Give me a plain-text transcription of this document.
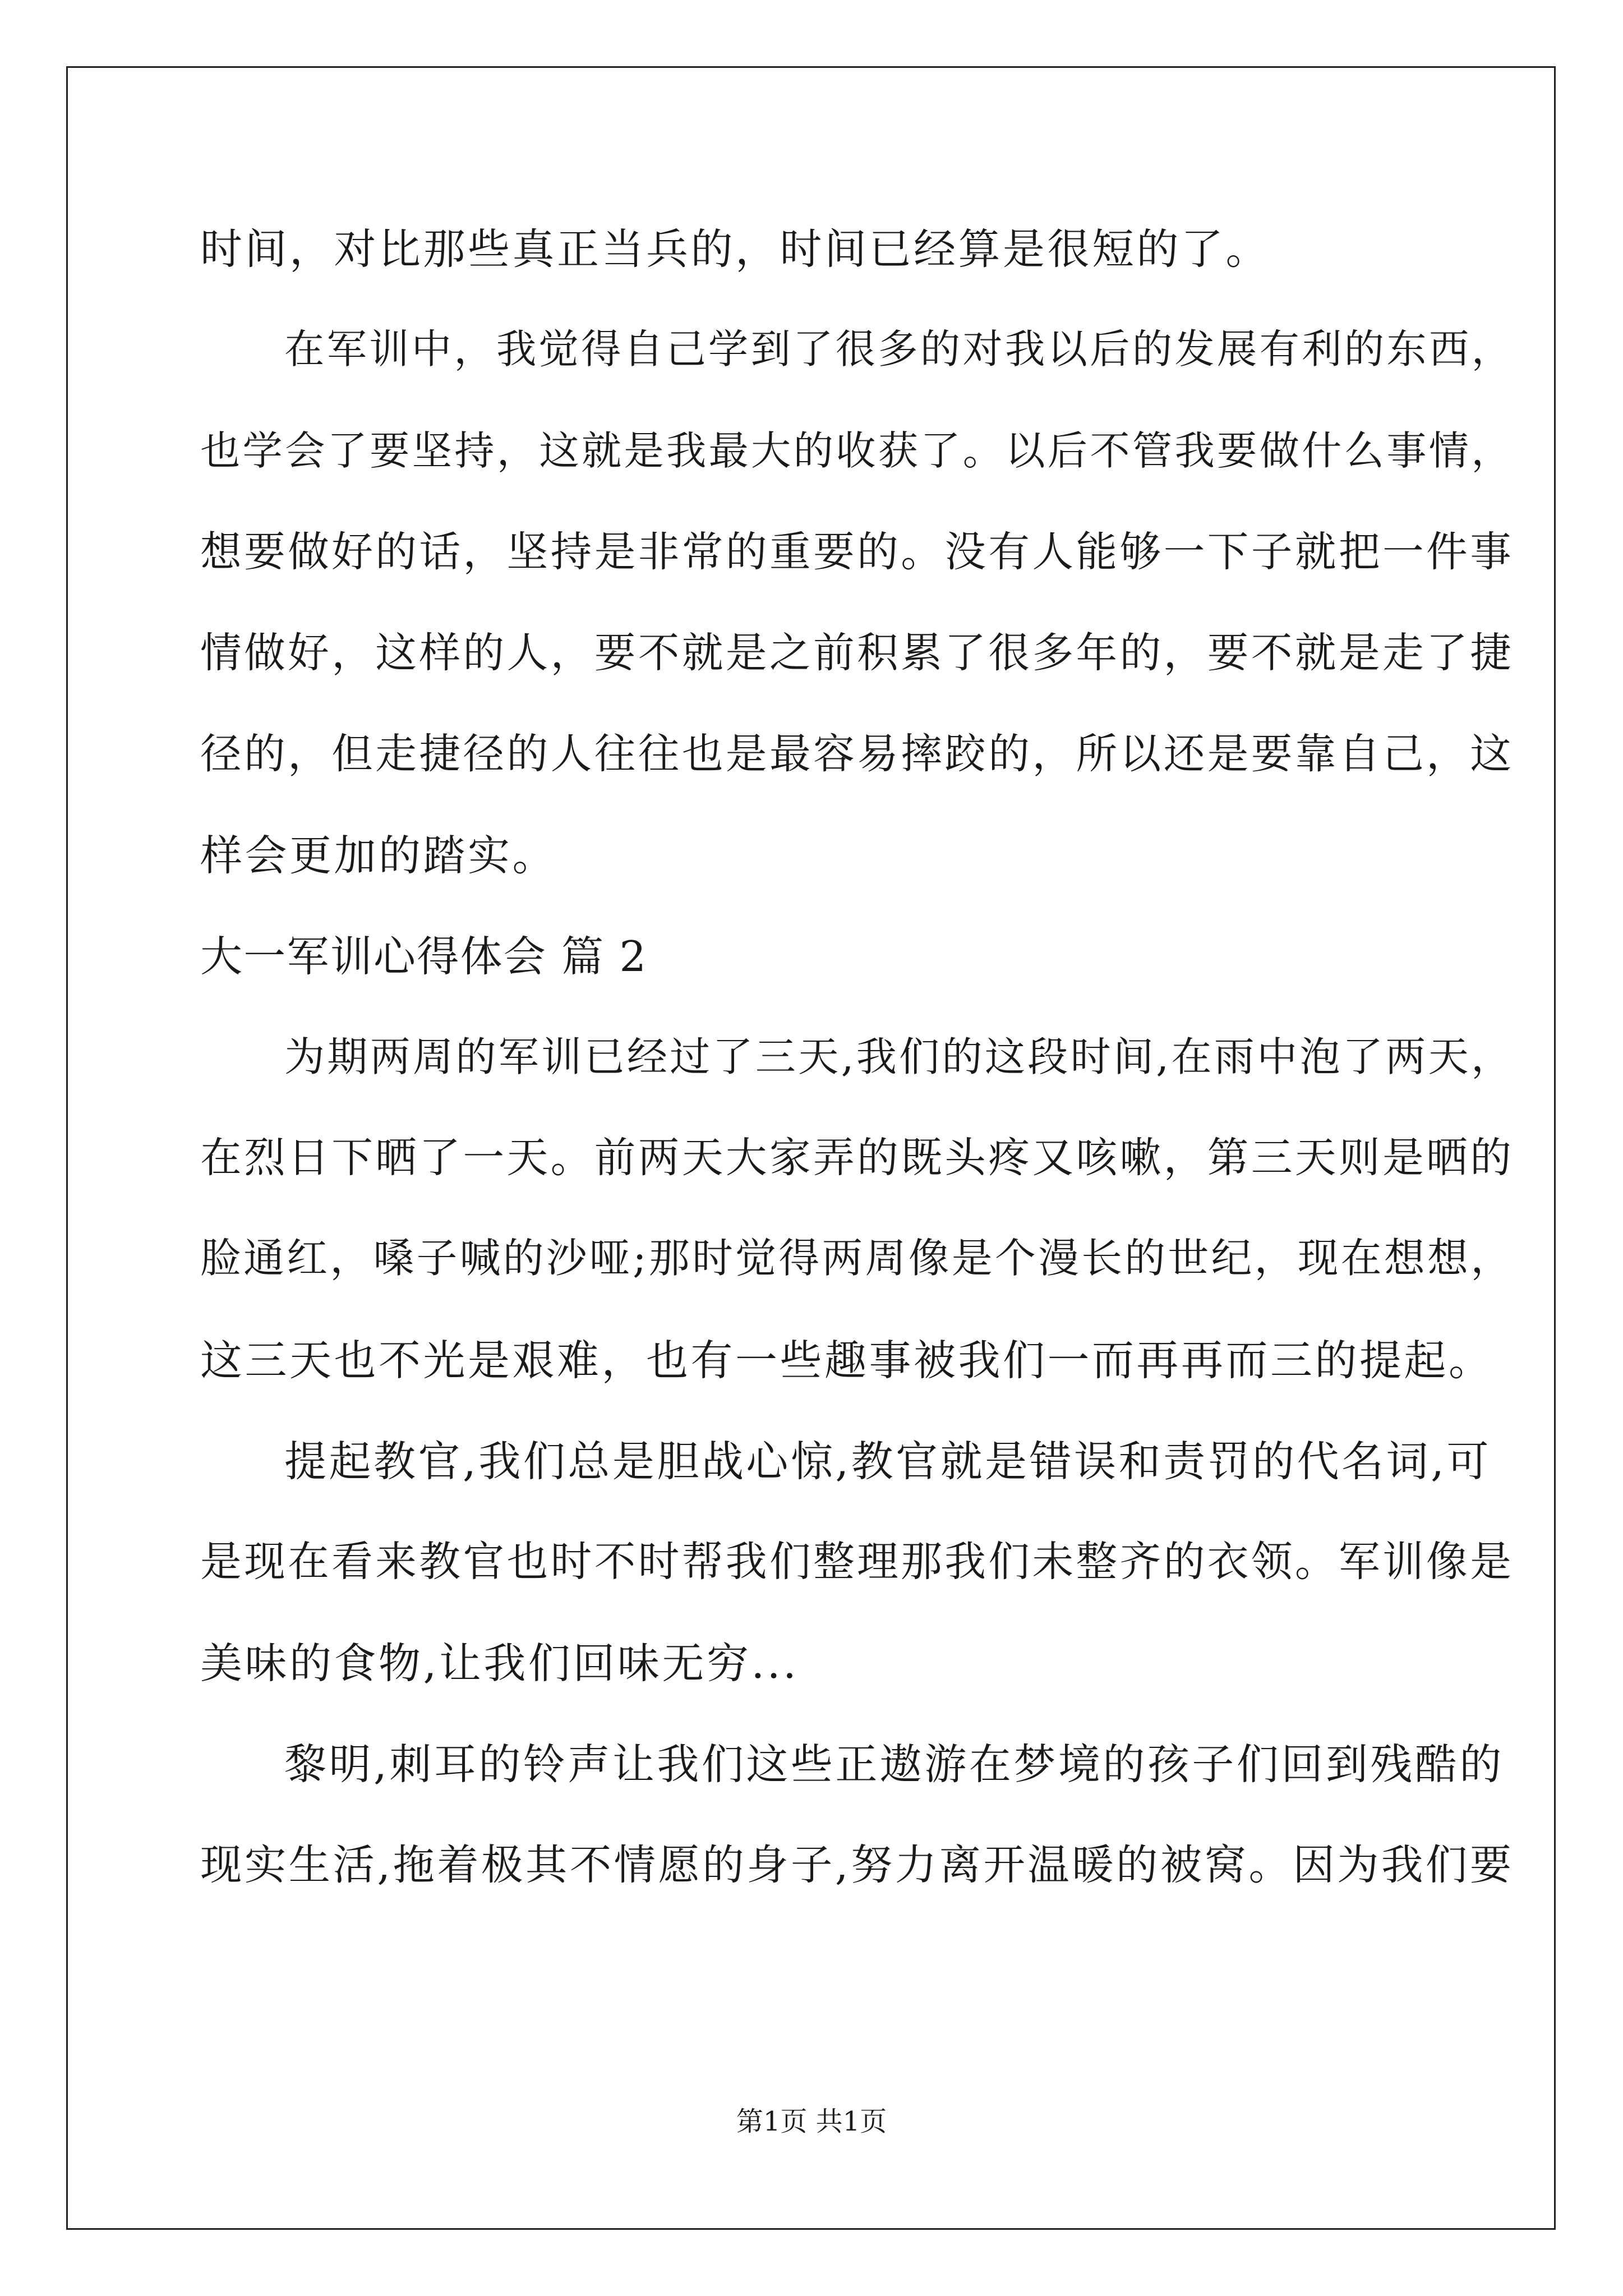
时间，对比那些真正当兵的，时间已经算是很短的了。
在军训中，我觉得自己学到了很多的对我以后的发展有利的东西，
也学会了要坚持，这就是我最大的收获了。以后不管我要做什么事情，
想要做好的话，坚持是非常的重要的。没有人能够一下子就把一件事
情做好，这样的人，要不就是之前积累了很多年的，要不就是走了捷
径的，但走捷径的人往往也是最容易摔跤的，所以还是要靠自己，这
样会更加的踏实。
大一军训心得体会 篇 2
为期两周的军训已经过了三天,我们的这段时间,在雨中泡了两天，
在烈日下晒了一天。前两天大家弄的既头疼又咳嗽，第三天则是晒的
脸通红，嗓子喊的沙哑;那时觉得两周像是个漫长的世纪，现在想想，
这三天也不光是艰难，也有一些趣事被我们一而再再而三的提起。
提起教官,我们总是胆战心惊,教官就是错误和责罚的代名词,可
是现在看来教官也时不时帮我们整理那我们未整齐的衣领。军训像是
美味的食物,让我们回味无穷...
黎明,刺耳的铃声让我们这些正遨游在梦境的孩子们回到残酷的
现实生活,拖着极其不情愿的身子,努力离开温暖的被窝。因为我们要
第1页 共1页
